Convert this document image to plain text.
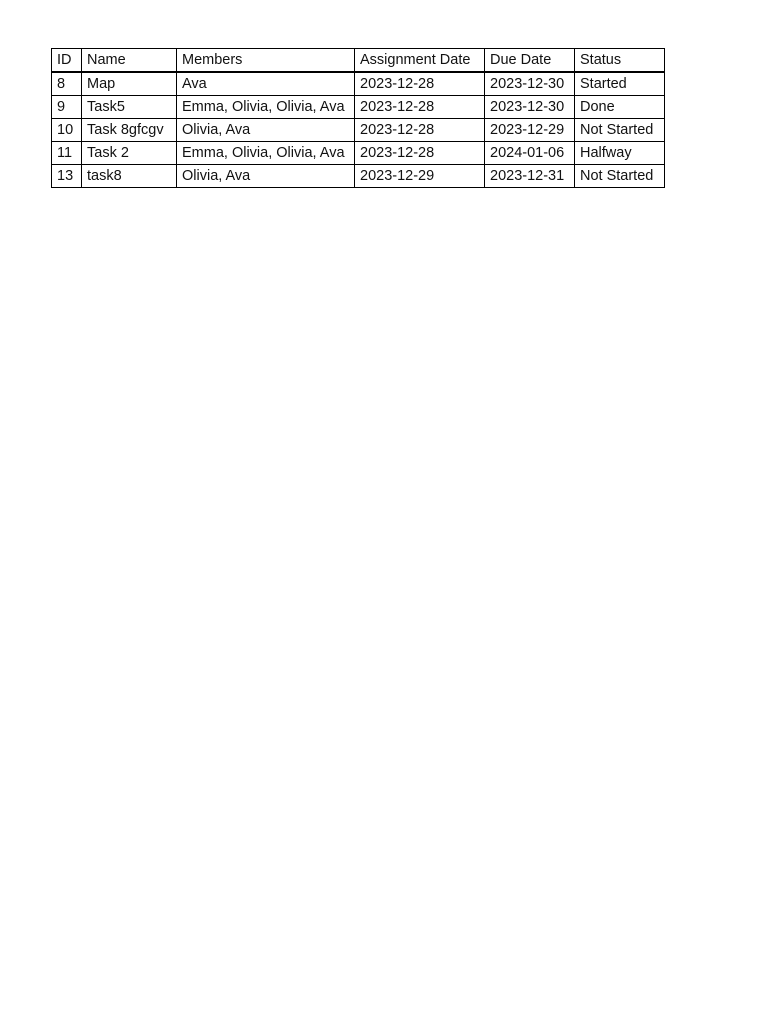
ID	Name	Members	Assignment Date	Due Date	Status
8	Map	Ava	2023-12-28	2023-12-30	Started
9	Task5	Emma, Olivia, Olivia, Ava	2023-12-28	2023-12-30	Done
10	Task 8gfcgv	Olivia, Ava	2023-12-28	2023-12-29	Not Started
11	Task 2	Emma, Olivia, Olivia, Ava	2023-12-28	2024-01-06	Halfway
13	task8	Olivia, Ava	2023-12-29	2023-12-31	Not Started
